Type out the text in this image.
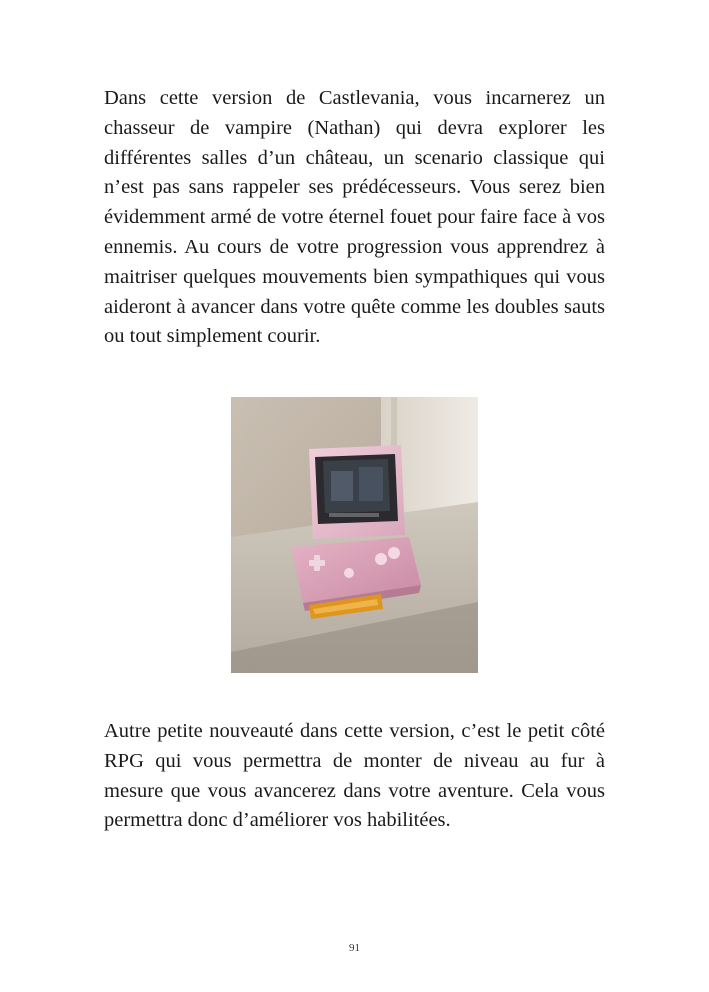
Dans cette version de Castlevania, vous incarnerez un chasseur de vampire (Nathan) qui devra explorer les différentes salles d’un château, un scenario classique qui n’est pas sans rappeler ses prédécesseurs. Vous serez bien évidemment armé de votre éternel fouet pour faire face à vos ennemis. Au cours de votre progression vous apprendrez à maitriser quelques mouvements bien sympathiques qui vous aideront à avancer dans votre quête comme les doubles sauts ou tout simplement courir.

Autre petite nouveauté dans cette version, c’est le petit côté RPG qui vous permettra de monter de niveau au fur à mesure que vous avancerez dans votre aventure. Cela vous permettra donc d’améliorer vos habilitées.

91
